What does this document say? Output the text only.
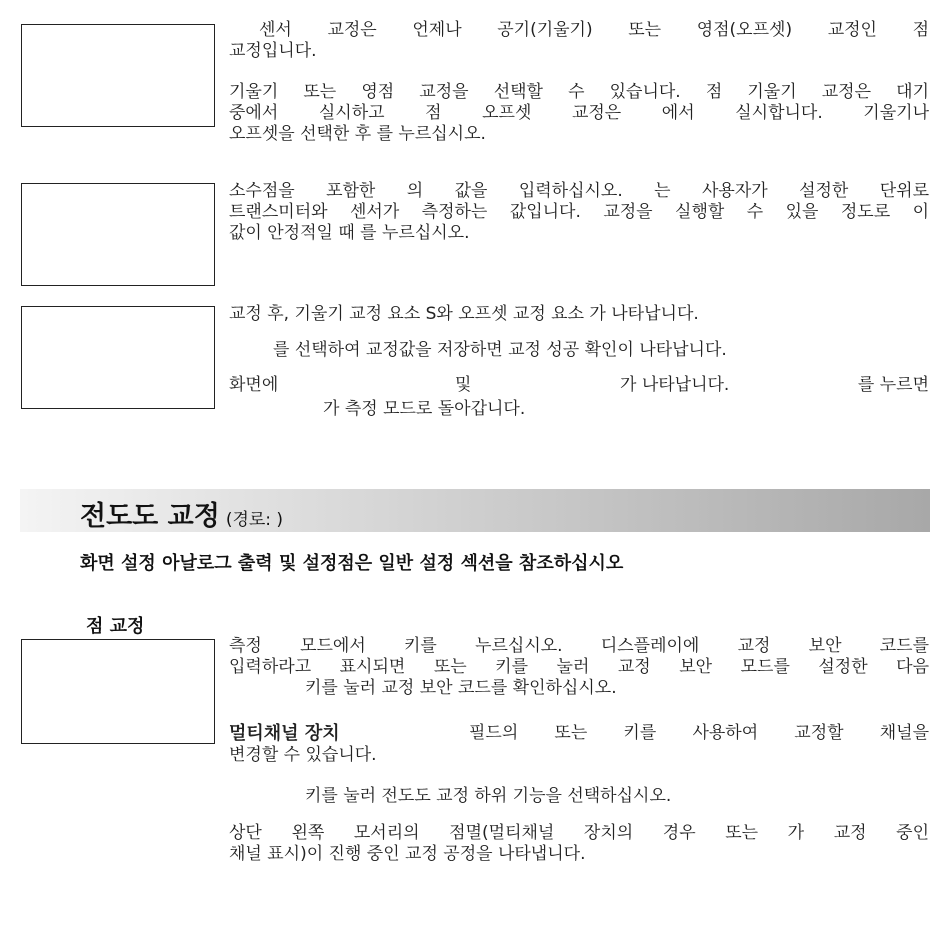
센서 교정은 언제나 공기(기울기) 또는 영점(오프셋) 교정인 점
교정입니다.

기울기 또는 영점 교정을 선택할 수 있습니다. 점 기울기 교정은 대기
중에서 실시하고 점 오프셋 교정은 에서 실시합니다. 기울기나
오프셋을 선택한 후 를 누르십시오.

소수점을 포함한 의 값을 입력하십시오. 는 사용자가 설정한 단위로
트랜스미터와 센서가 측정하는 값입니다. 교정을 실행할 수 있을 정도로 이
값이 안정적일 때 를 누르십시오.

교정 후, 기울기 교정 요소 S와 오프셋 교정 요소 가 나타납니다.

를 선택하여 교정값을 저장하면 교정 성공 확인이 나타납니다.

화면에	및	가 나타납니다.	를 누르면

가 측정 모드로 돌아갑니다.

전도도 교정 (경로: )
화면 설정 아날로그 출력 및 설정점은 일반 설정 섹션을 참조하십시오
점 교정

측정 모드에서 키를 누르십시오. 디스플레이에 교정 보안 코드를
입력하라고 표시되면 또는 키를 눌러 교정 보안 모드를 설정한 다음
키를 눌러 교정 보안 코드를 확인하십시오.

멀티채널 장치	필드의 또는 키를 사용하여 교정할 채널을

변경할 수 있습니다.

키를 눌러 전도도 교정 하위 기능을 선택하십시오.

상단 왼쪽 모서리의 점멸(멀티채널 장치의 경우 또는 가 교정 중인
채널 표시)이 진행 중인 교정 공정을 나타냅니다.
